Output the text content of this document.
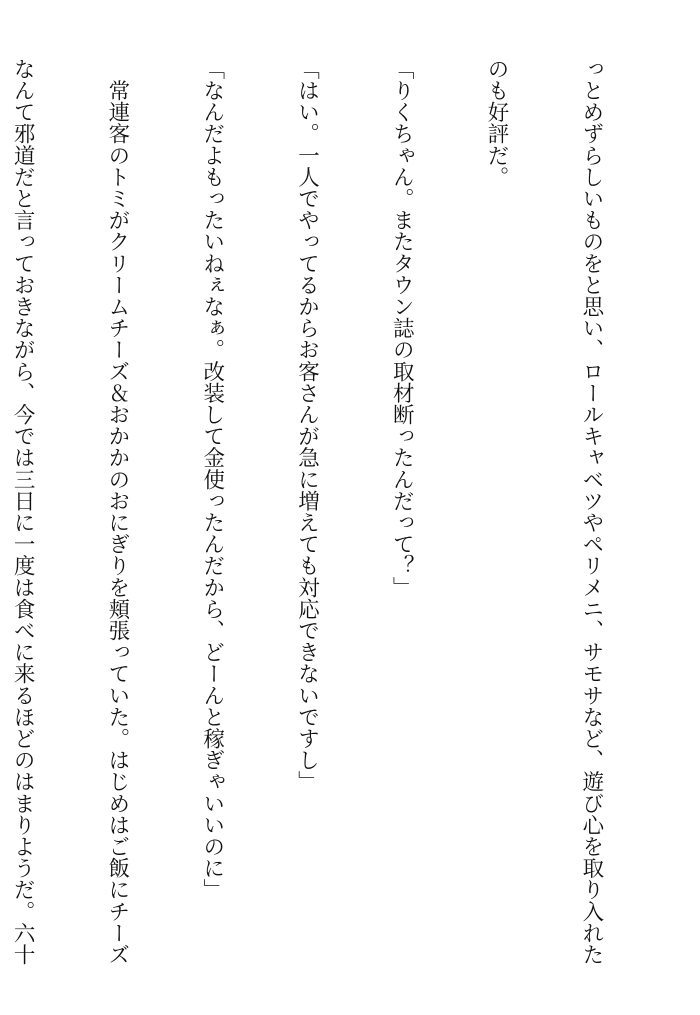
っとめずらしいものをと思い、ロールキャベツやペリメニ、サモサなど、遊び心を取り入れた

のも好評だ。

「りくちゃん。またタウン誌の取材断ったんだって？」

「はい。一人でやってるからお客さんが急に増えても対応できないですし」

「なんだよもったいねぇなぁ。改装して金使ったんだから、どーんと稼ぎゃいいのに」

　常連客のトミがクリームチーズ＆おかかのおにぎりを頬張っていた。はじめはご飯にチーズ

なんて邪道だと言っておきながら、今では三日に一度は食べに来るほどのはまりようだ。六十
